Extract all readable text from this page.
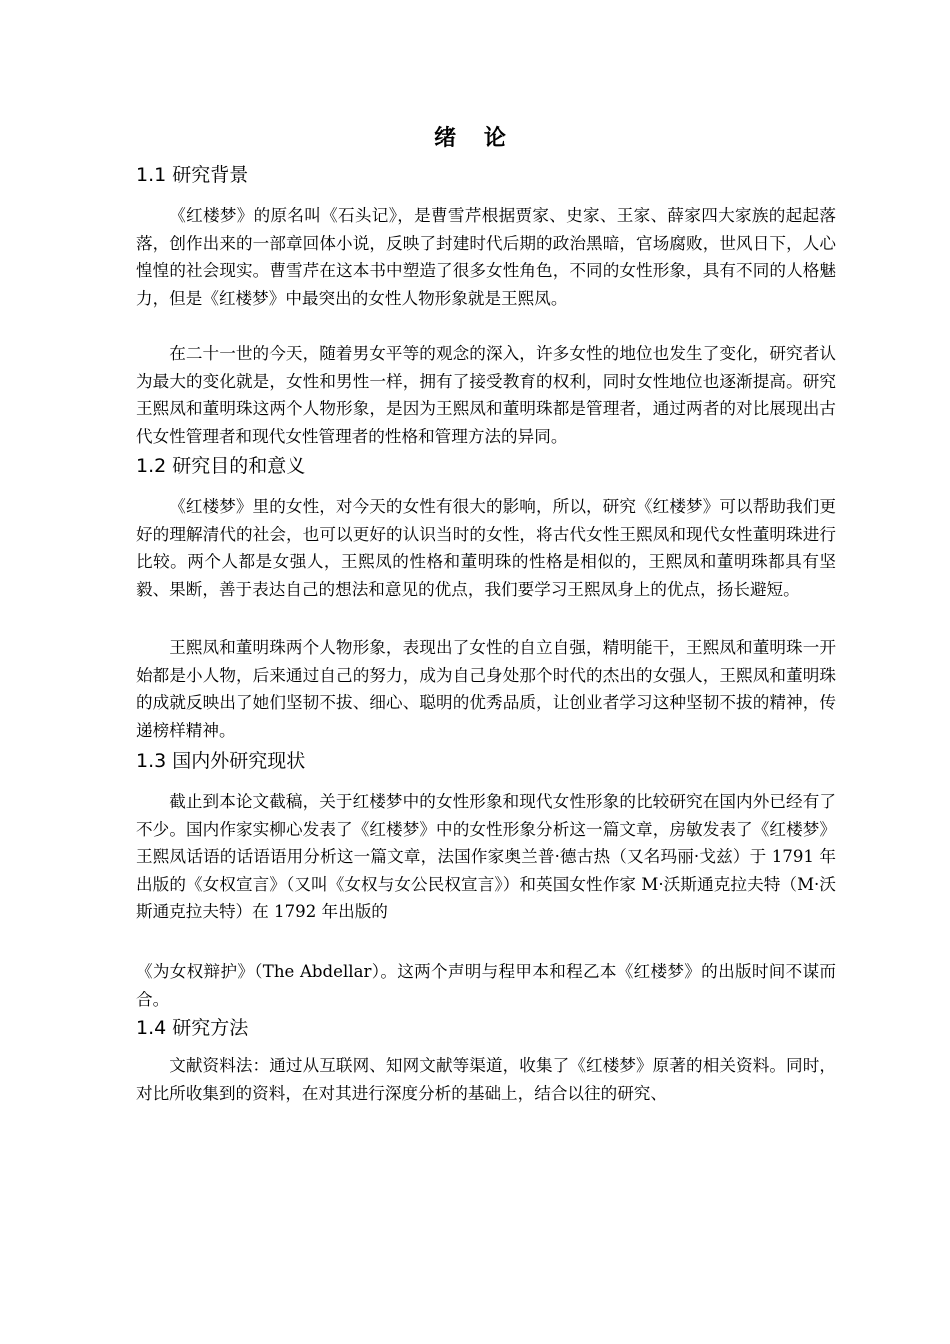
绪 论
1.1 研究背景

《红楼梦》的原名叫《石头记》，是曹雪芹根据贾家、史家、王家、薛家四大家族的起起落落，创作出来的一部章回体小说，反映了封建时代后期的政治黑暗，官场腐败，世风日下，人心惶惶的社会现实。曹雪芹在这本书中塑造了很多女性角色，不同的女性形象，具有不同的人格魅力，但是《红楼梦》中最突出的女性人物形象就是王熙凤。

在二十一世的今天，随着男女平等的观念的深入，许多女性的地位也发生了变化，研究者认为最大的变化就是，女性和男性一样，拥有了接受教育的权利，同时女性地位也逐渐提高。研究王熙凤和董明珠这两个人物形象，是因为王熙凤和董明珠都是管理者，通过两者的对比展现出古代女性管理者和现代女性管理者的性格和管理方法的异同。

1.2 研究目的和意义

《红楼梦》里的女性，对今天的女性有很大的影响，所以，研究《红楼梦》可以帮助我们更好的理解清代的社会，也可以更好的认识当时的女性，将古代女性王熙凤和现代女性董明珠进行比较。两个人都是女强人，王熙凤的性格和董明珠的性格是相似的，王熙凤和董明珠都具有坚毅、果断，善于表达自己的想法和意见的优点，我们要学习王熙凤身上的优点，扬长避短。

王熙凤和董明珠两个人物形象，表现出了女性的自立自强，精明能干，王熙凤和董明珠一开始都是小人物，后来通过自己的努力，成为自己身处那个时代的杰出的女强人，王熙凤和董明珠的成就反映出了她们坚韧不拔、细心、聪明的优秀品质，让创业者学习这种坚韧不拔的精神，传递榜样精神。

1.3 国内外研究现状

截止到本论文截稿，关于红楼梦中的女性形象和现代女性形象的比较研究在国内外已经有了不少。国内作家实柳心发表了《红楼梦》中的女性形象分析这一篇文章，房敏发表了《红楼梦》王熙凤话语的话语语用分析这一篇文章，法国作家奥兰普·德古热（又名玛丽·戈兹）于 1791 年出版的《女权宣言》（又叫《女权与女公民权宣言》）和英国女性作家 M·沃斯通克拉夫特（M·沃斯通克拉夫特）在 1792 年出版的

《为女权辩护》（The Abdellar）。这两个声明与程甲本和程乙本《红楼梦》的出版时间不谋而合。

1.4 研究方法

文献资料法：通过从互联网、知网文献等渠道，收集了《红楼梦》原著的相关资料。同时，对比所收集到的资料，在对其进行深度分析的基础上，结合以往的研究、
